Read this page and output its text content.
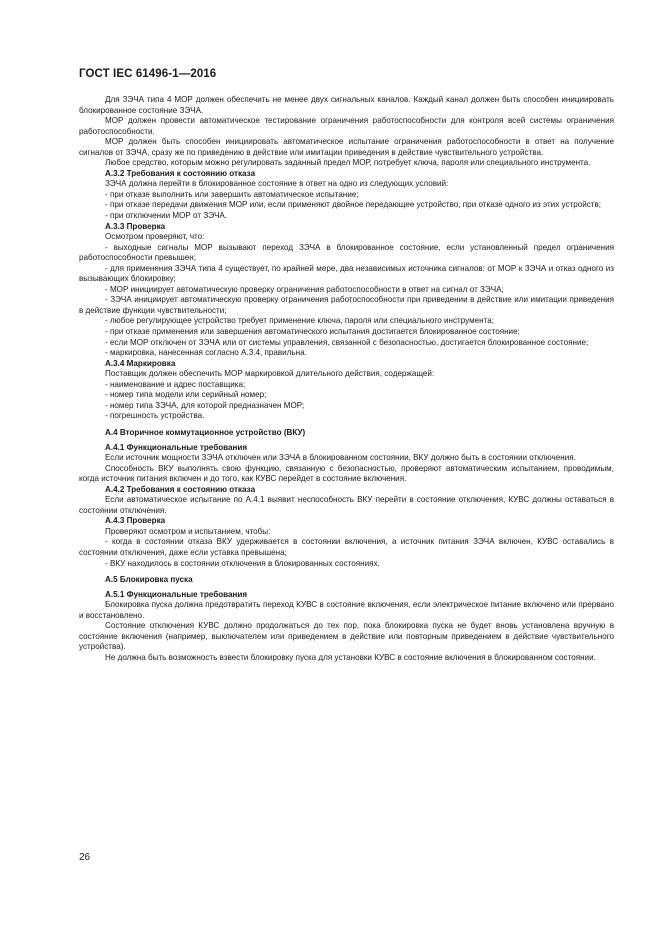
ГОСТ IEC 61496-1—2016

Для ЗЭЧА типа 4 МОР должен обеспечить не менее двух сигнальных каналов. Каждый канал должен быть способен инициировать блокированное состояние ЗЭЧА.

МОР должен провести автоматическое тестирование ограничения работоспособности для контроля всей системы ограничения работоспособности.

МОР должен быть способен инициировать автоматическое испытание ограничения работоспособности в ответ на получение сигналов от ЗЭЧА, сразу же по приведению в действие или имитации приведения в действие чувствительного устройства.

Любое средство, которым можно регулировать заданный предел МОР, потребует ключа, пароля или специального инструмента.

А.3.2 Требования к состоянию отказа

ЗЭЧА должна перейти в блокированное состояние в ответ на одно из следующих условий:

- при отказе выполнить или завершить автоматическое испытание;

- при отказе передачи движения МОР или, если применяют двойное передающее устройство, при отказе одного из этих устройств;

- при отключении МОР от ЗЭЧА.

А.3.3 Проверка

Осмотром проверяют, что:

- выходные сигналы МОР вызывают переход ЗЭЧА в блокированное состояние, если установленный предел ограничения работоспособности превышен;

- для применения ЗЭЧА типа 4 существует, по крайней мере, два независимых источника сигналов: от МОР к ЗЭЧА и отказ одного из вызывающих блокировку;

- МОР инициирует автоматическую проверку ограничения работоспособности в ответ на сигнал от ЗЭЧА;

- ЗЭЧА инициирует автоматическую проверку ограничения работоспособности при приведении в действие или имитации приведения в действие функции чувствительности;

- любое регулирующее устройство требует применение ключа, пароля или специального инструмента;

- при отказе применения или завершения автоматического испытания достигается блокированное состояние;

- если МОР отключен от ЗЭЧА или от системы управления, связанной с безопасностью, достигается блокированное состояние;

- маркировка, нанесенная согласно А.3.4, правильна.

А.3.4 Маркировка

Поставщик должен обеспечить МОР маркировкой длительного действия, содержащей:

- наименование и адрес поставщика;

- номер типа модели или серийный номер;

- номер типа ЗЭЧА, для которой предназначен МОР;

- погрешность устройства.

А.4 Вторичное коммутационное устройство (ВКУ)

А.4.1 Функциональные требования

Если источник мощности ЗЭЧА отключен или ЗЭЧА в блокированном состоянии, ВКУ должно быть в состоянии отключения.

Способность ВКУ выполнять свою функцию, связанную с безопасностью, проверяют автоматическим испытанием, проводимым, когда источник питания включен и до того, как КУВС перейдет в состояние включения.

А.4.2 Требования к состоянию отказа

Если автоматическое испытание по А.4.1 выявит неспособность ВКУ перейти в состояние отключения, КУВС должны оставаться в состоянии отключения.

А.4.3 Проверка

Проверяют осмотром и испытанием, чтобы:

- когда в состоянии отказа ВКУ удерживается в состоянии включения, а источник питания ЗЭЧА включен, КУВС оставались в состоянии отключения, даже если уставка превышена;

- ВКУ находилось в состоянии отключения в блокированных состояниях.

А.5 Блокировка пуска

А.5.1 Функциональные требования

Блокировка пуска должна предотвратить переход КУВС в состояние включения, если электрическое питание включено или прервано и восстановлено.

Состояние отключения КУВС должно продолжаться до тех пор, пока блокировка пуска не будет вновь установлена вручную в состояние включения (например, выключателем или приведением в действие или повторным приведением в действие чувствительного устройства).

Не должна быть возможность взвести блокировку пуска для установки КУВС в состояние включения в блокированном состоянии.

26
